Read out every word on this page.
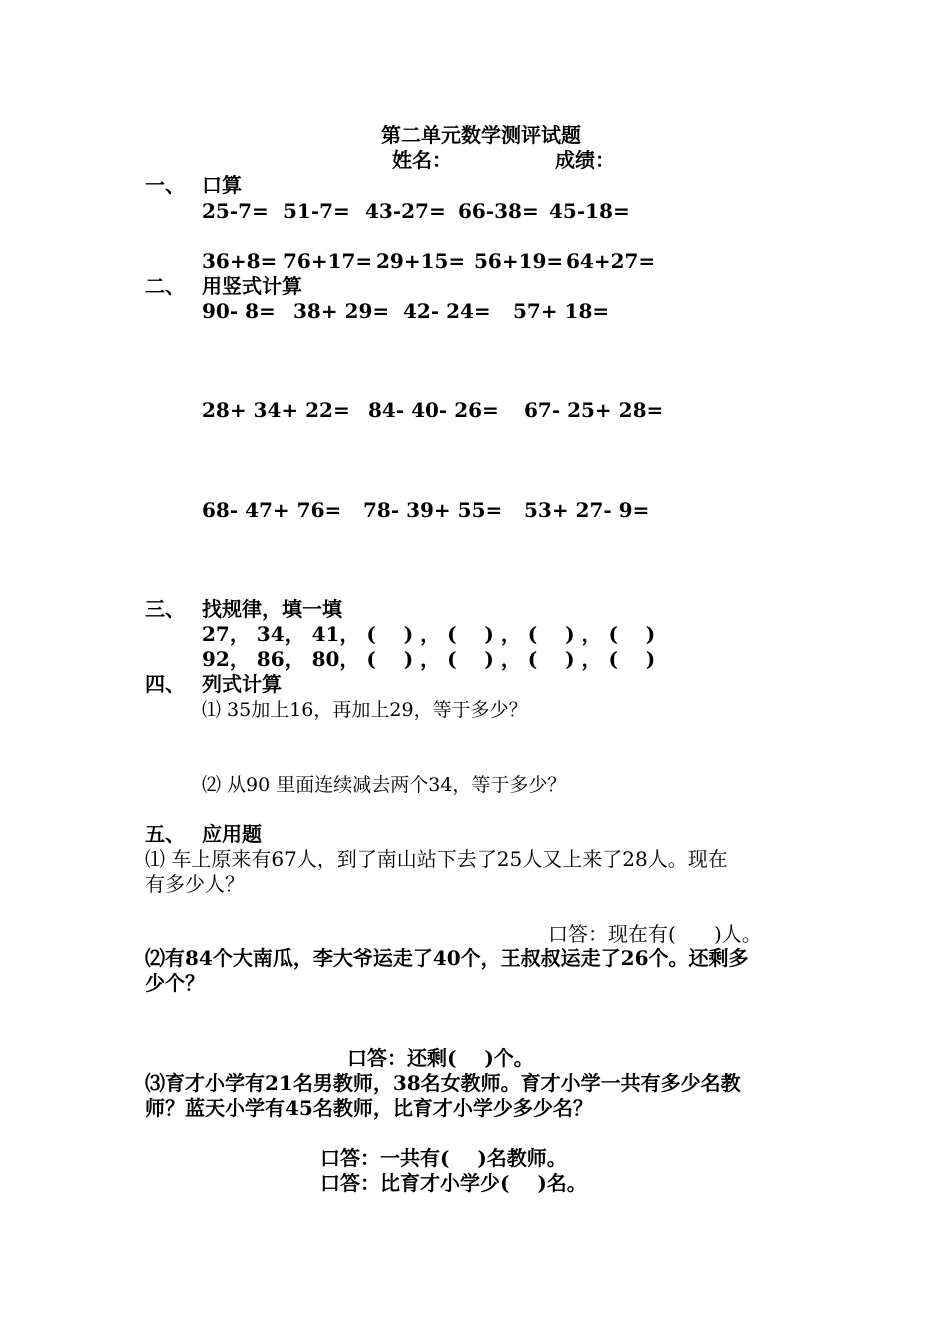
第二单元数学测评试题
姓名：	成绩：
一、 口算
25-7= 51-7= 43-27= 66-38= 45-18=
36+8= 76+17= 29+15= 56+19= 64+27=
二、 用竖式计算
90- 8= 38+ 29= 42- 24= 57+ 18=
28+ 34+ 22= 84- 40- 26= 67- 25+ 28=
68- 47+ 76= 78- 39+ 55= 53+ 27- 9=
三、 找规律，填一填
27， 34， 41， (    ) ， (    ) ， (    ) ， (    )
92， 86， 80， (    ) ， (    ) ， (    ) ， (    )
四、 列式计算
⑴ 35加上16，再加上29，等于多少？
⑵ 从90 里面连续减去两个34，等于多少？
五、 应用题
⑴ 车上原来有67人，到了南山站下去了25人又上来了28人。现在
有多少人？
口答：现在有(      )人。
⑵有84个大南瓜，李大爷运走了40个，王叔叔运走了26个。还剩多
少个？
口答：还剩(    )个。
⑶育才小学有21名男教师，38名女教师。育才小学一共有多少名教
师？蓝天小学有45名教师，比育才小学少多少名？
口答：一共有(    )名教师。
口答：比育才小学少(    )名。
